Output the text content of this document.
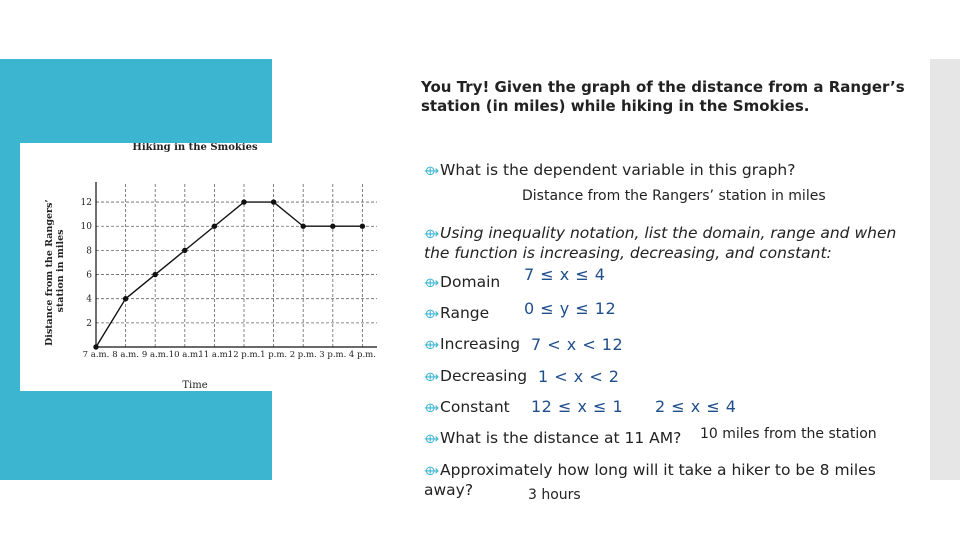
Hiking in the Smokies
Time
Distance from the Rangers’ station in miles
2
4
6
8
10
12
7 a.m. 8 a.m. 9 a.m. 10 a.m.
11 a.m.
12 p.m. 1 p.m. 2 p.m. 3 p.m. 4 p.m.
You Try! Given the graph of the distance from a Ranger’s station (in miles) while hiking in the Smokies.
⟴What is the dependent variable in this graph?
Distance from the Rangers’ station in miles
⟴Using inequality notation, list the domain, range and when the function is increasing, decreasing, and constant:
⟴Domain 7 ≤ x ≤ 4
⟴Range 0 ≤ y ≤ 12
⟴Increasing 7 < x < 12
⟴Decreasing 1 < x < 2
⟴Constant 12 ≤ x ≤ 1 2 ≤ x ≤ 4
⟴What is the distance at 11 AM? 10 miles from the station
⟴Approximately how long will it take a hiker to be 8 miles away?	3 hours
